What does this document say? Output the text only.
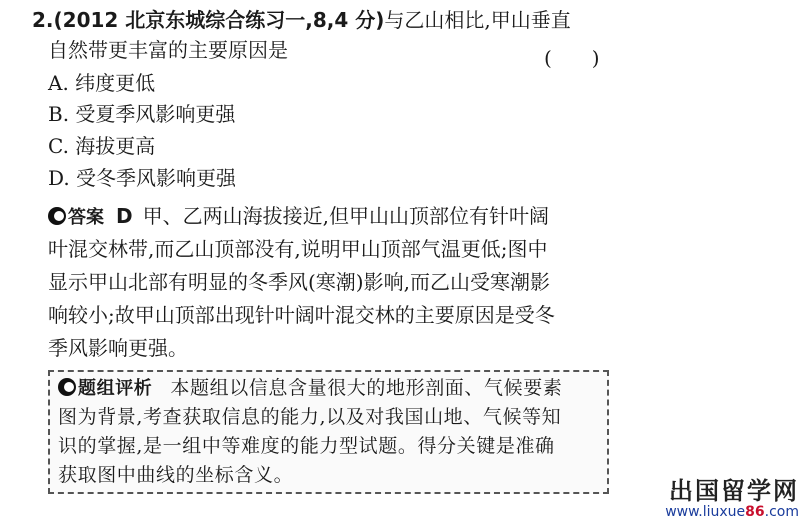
2.(2012 北京东城综合练习一,8,4 分)与乙山相比,甲山垂直
自然带更丰富的主要原因是	(　　)
A. 纬度更低
B. 受夏季风影响更强
C. 海拔更高
D. 受冬季风影响更强
答案 D 甲、乙两山海拔接近,但甲山山顶部位有针叶阔
叶混交林带,而乙山顶部没有,说明甲山顶部气温更低;图中
显示甲山北部有明显的冬季风(寒潮)影响,而乙山受寒潮影
响较小;故甲山顶部出现针叶阔叶混交林的主要原因是受冬
季风影响更强。
题组评析 本题组以信息含量很大的地形剖面、气候要素
图为背景,考查获取信息的能力,以及对我国山地、气候等知
识的掌握,是一组中等难度的能力型试题。得分关键是准确
获取图中曲线的坐标含义。
出国留学网
www.liuxue86.com
